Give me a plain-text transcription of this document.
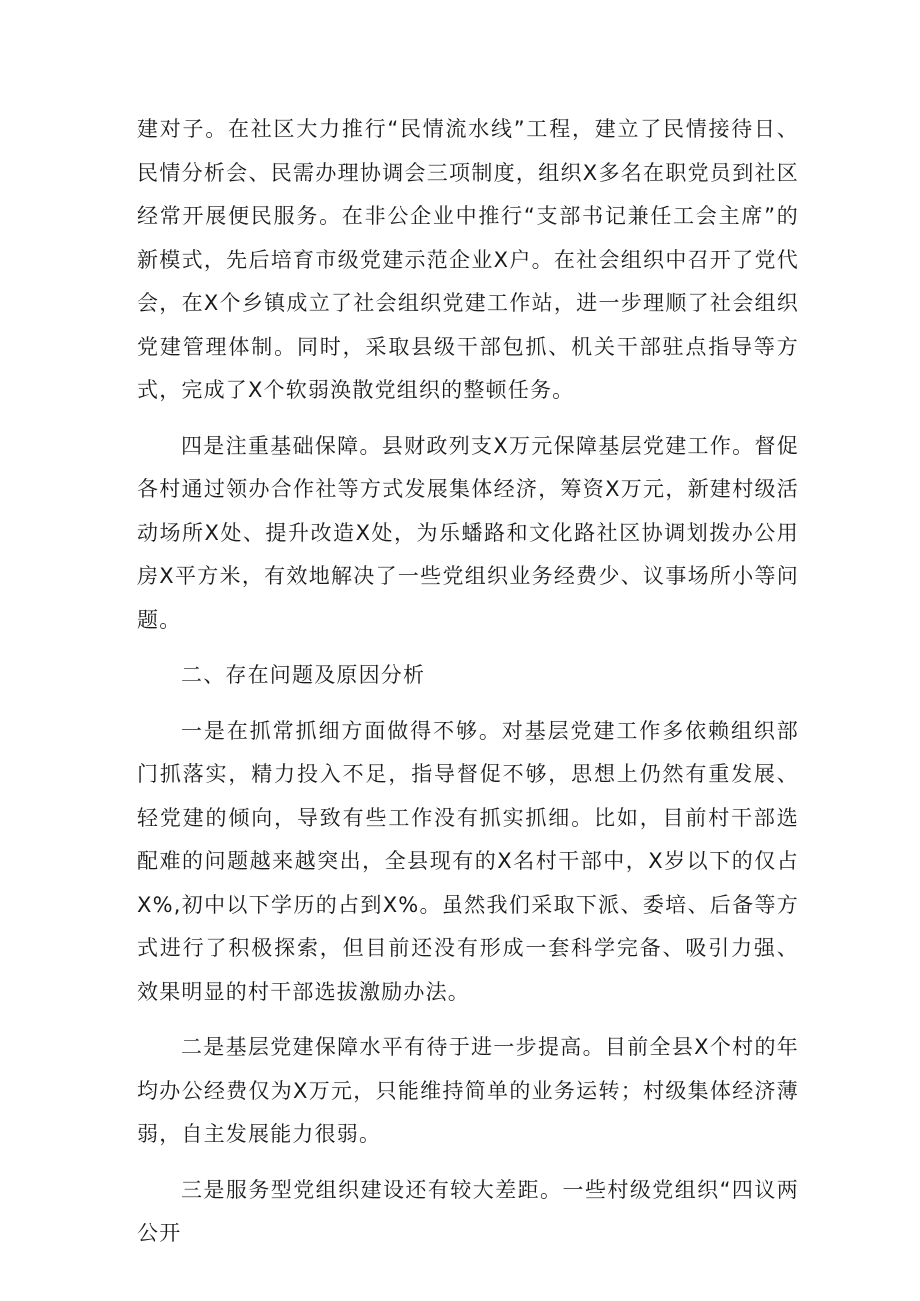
建对子。在社区大力推行“民情流水线”工程，建立了民情接待日、民情分析会、民需办理协调会三项制度，组织X多名在职党员到社区经常开展便民服务。在非公企业中推行“支部书记兼任工会主席”的新模式，先后培育市级党建示范企业X户。在社会组织中召开了党代会，在X个乡镇成立了社会组织党建工作站，进一步理顺了社会组织党建管理体制。同时，采取县级干部包抓、机关干部驻点指导等方式，完成了X个软弱涣散党组织的整顿任务。

四是注重基础保障。县财政列支X万元保障基层党建工作。督促各村通过领办合作社等方式发展集体经济，筹资X万元，新建村级活动场所X处、提升改造X处，为乐蟠路和文化路社区协调划拨办公用房X平方米，有效地解决了一些党组织业务经费少、议事场所小等问题。

二、存在问题及原因分析

一是在抓常抓细方面做得不够。对基层党建工作多依赖组织部门抓落实，精力投入不足，指导督促不够，思想上仍然有重发展、轻党建的倾向，导致有些工作没有抓实抓细。比如，目前村干部选配难的问题越来越突出，全县现有的X名村干部中，X岁以下的仅占X%,初中以下学历的占到X%。虽然我们采取下派、委培、后备等方式进行了积极探索，但目前还没有形成一套科学完备、吸引力强、效果明显的村干部选拔激励办法。

二是基层党建保障水平有待于进一步提高。目前全县X个村的年均办公经费仅为X万元，只能维持简单的业务运转；村级集体经济薄弱，自主发展能力很弱。

三是服务型党组织建设还有较大差距。一些村级党组织“四议两公开
